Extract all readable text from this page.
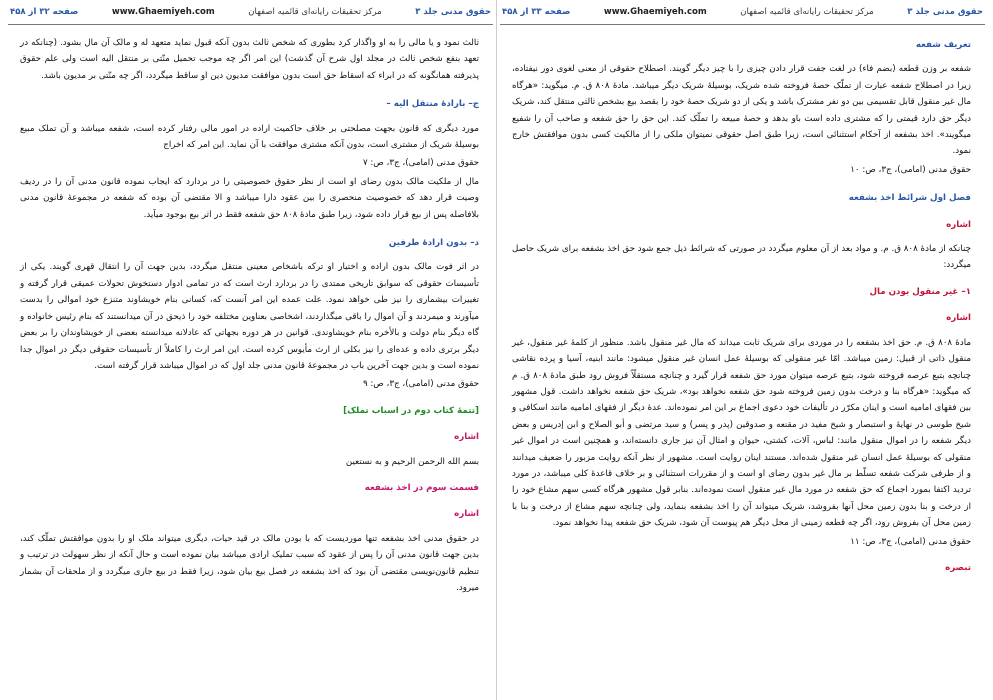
حقوق مدنی جلد ۳
مرکز تحقیقات رایانه‌ای قائمیه اصفهان
www.Ghaemiyeh.com
صفحه ۳۳ از ۴۵۸
تعریف شفعه

شفعه بر وزن قطعه (بضم فاء) در لغت جفت قرار دادن چیزی را با چیز دیگر گویند. اصطلاح حقوقی از معنی لغوی دور نیفتاده، زیرا در اصطلاح شفعه عبارت از تملّک حصهٔ فروخته شده شریک، بوسیلهٔ شریک دیگر میباشد. مادهٔ ۸۰۸ ق. م. میگوید: «هرگاه مال غیر منقول قابل تقسیمی بین دو نفر مشترک باشد و یکی از دو شریک حصهٔ خود را بقصد بیع بشخص ثالثی منتقل کند، شریک دیگر حق دارد قیمتی را که مشتری داده است باو بدهد و حصهٔ مبیعه را تملّک کند. این حق را حق شفعه و صاحب آن را شفیع میگویند». اخذ بشفعه از آحکام استثنائی است، زیرا طبق اصل حقوقی نمیتوان ملکی را از مالکیت کسی بدون موافقتش خارج نمود.

حقوق مدنی (امامی)، ج۳، ص: ۱۰

فصل اول شرائط اخذ بشفعه
اشاره

چنانکه از مادهٔ ۸۰۸ ق. م. و مواد بعد از آن معلوم میگردد در صورتی که شرائط ذیل جمع شود حق اخذ بشفعه برای شریک حاصل میگردد:

۱– غیر منقول بودن مال
اشاره

مادهٔ ۸۰۸ ق. م. حق اخذ بشفعه را در موردی برای شریک ثابت میداند که مال غیر منقول باشد. منظور از کلمهٔ غیر منقول، غیر منقول ذاتی از قبیل: زمین میباشد. امّا غیر منقولی که بوسیلهٔ عمل انسان غیر منقول میشود: مانند ابنیه، آسیا و پرده نقاشی چنانچه بتبع عرصه فروخته شود، بتبع عرصه میتوان مورد حق شفعه قرار گیرد و چنانچه مستقلّاً فروش رود طبق مادهٔ ۸۰۸ ق. م که میگوید: «هرگاه بنا و درخت بدون زمین فروخته شود حق شفعه نخواهد بود»، شریک حق شفعه نخواهد داشت. قول مشهور بین فقهای امامیه است و اینان مکرّر در تألیفات خود دعوی اجماع بر این امر نموده‌اند. عدهٔ دیگر از فقهای امامیه مانند اسکافی و شیخ طوسی در نهایهٔ و استبصار و شیخ مفید در مقنعه و صدوقین (پدر و پسر) و سید مرتضی و أبو الصلاح و ابن إدريس و بعض دیگر شفعه را در اموال منقول مانند: لباس، آلات، کشتی، حیوان و امثال آن نیز جاری دانسته‌اند، و همچنین است در اموال غیر منقولی که بوسیلهٔ عمل انسان غیر منقول شده‌اند. مستند اینان روایت است. مشهور از نظر آنکه روایت مزبور را ضعیف میدانند و از طرفی شرکت شفعه تسلّط بر مال غیر بدون رضای او است و از مقررات استثنائی و بر خلاف قاعدهٔ کلی میباشد، در مورد تردید اکتفا بمورد اجماع که حق شفعه در مورد مال غیر منقول است نموده‌اند. بنابر قول مشهور هرگاه کسی سهم مشاع خود را از درخت و بنا بدون زمین محل آنها بفروشد، شریک میتواند آن را اخذ بشفعه بنماید، ولی چنانچه سهم مشاع از درخت و بنا با زمین محل آن بفروش رود، اگر چه قطعه زمینی از محل دیگر هم پیوست آن شود، شریک حق شفعه پیدا نخواهد نمود.

حقوق مدنی (امامی)، ج۳، ص: ۱۱

تبصره
حقوق مدنی جلد ۳
مرکز تحقیقات رایانه‌ای قائمیه اصفهان
www.Ghaemiyeh.com
صفحه ۳۲ از ۴۵۸

ثالث نمود و یا مالی را به او واگذار کرد بطوری که شخص ثالث بدون آنکه قبول نماید متعهد له و مالک آن مال بشود. (چنانکه در تعهد بنفع شخص ثالث در مجلد اول شرح آن گذشت) این امر اگر چه موجب تحمیل منّتی بر منتقل الیه است ولی علم حقوق پذیرفته همانگونه که در ابراء که اسقاط حق است بدون موافقت مدیون دین او ساقط میگردد، اگر چه منّتی بر مدیون باشد.

ج– بارادهٔ منتقل الیه –

مورد دیگری که قانون بجهت مصلحتی بر خلاف حاکمیت اراده در امور مالی رفتار کرده است، شفعه میباشد و آن تملک مبیع بوسیلهٔ شریک از مشتری است، بدون آنکه مشتری موافقت با آن نماید. این امر که اخراج

حقوق مدنی (امامی)، ج۳، ص: ۷

مال از ملکیت مالک بدون رضای او است از نظر حقوق خصوصیتی را در بردارد که ایجاب نموده قانون مدنی آن را در ردیف وصیت قرار دهد که خصوصیت منحصری را بین عقود دارا میباشد و الا مقتضی آن بوده که شفعه در مجموعهٔ قانون مدنی بلافاصله پس از بیع قرار داده شود، زیرا طبق مادهٔ ۸۰۸ حق شفعه فقط در اثر بیع بوجود میآید.

د– بدون ارادهٔ طرفین

در اثر فوت مالک بدون اراده و اختیار او ترکه باشخاص معینی منتقل میگردد، بدین جهت آن را انتقال قهری گویند. یکی از تأسیسات حقوقی که سوابق تاریخی ممتدی را در بردارد ارث است که در تمامی ادوار دستخوش تحولات عمیقی قرار گرفته و تغییرات بیشماری را نیز طی خواهد نمود. علت عمده این امر آنست که، کسانی بنام خویشاوند متنزع خود اموالی را بدست میآورند و میمردند و آن اموال را باقی میگذاردند، اشخاصی بعناوین مختلفه خود را ذیحق در آن میدانستند که بنام رئیس خانواده و گاه دیگر بنام دولت و بالأخره بنام خویشاوندی. قوانین در هر دوره بجهاتی که عادلانه میدانسته بعضی از خویشاوندان را بر بعض دیگر برتری داده و عده‌ای را نیز بکلی از ارث مأیوس کرده است. این امر ارث را کاملاً از تأسیسات حقوقی دیگر در اموال جدا نموده است و بدین جهت آخرین باب در مجموعهٔ قانون مدنی جلد اول که در اموال میباشد قرار گرفته است.

حقوق مدنی (امامی)، ج۳، ص: ۹

[تتمهٔ کتاب دوم در اسباب تملک]
اشاره

بسم الله الرحمن الرحیم و به نستعین

قسمت سوم در اخذ بشفعه
اشاره

در حقوق مدنی اخذ بشفعه تنها موردیست که با بودن مالک در قید حیات، دیگری میتواند ملک او را بدون موافقتش تملّک کند، بدین جهت قانون مدنی آن را پس از عقود که سبب تملیک ارادی میباشد بیان نموده است و حال آنکه از نظر سهولت در ترتیب و تنظیم قانون‌نویسی مقتضی آن بود که اخذ بشفعه در فصل بیع بیان شود، زیرا فقط در بیع جاری میگردد و از ملحقات آن بشمار میرود.
